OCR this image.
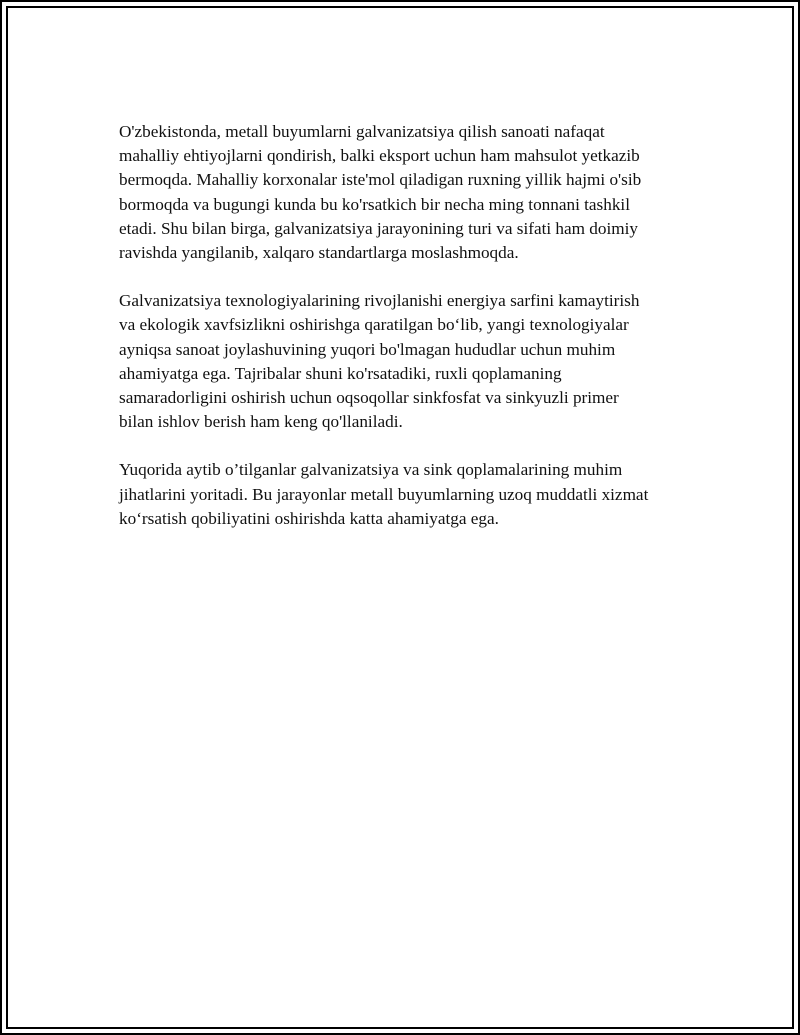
O'zbekistonda, metall buyumlarni galvanizatsiya qilish sanoati nafaqat
mahalliy ehtiyojlarni qondirish, balki eksport uchun ham mahsulot yetkazib
bermoqda. Mahalliy korxonalar iste'mol qiladigan ruxning yillik hajmi o'sib
bormoqda va bugungi kunda bu ko'rsatkich bir necha ming tonnani tashkil
etadi. Shu bilan birga, galvanizatsiya jarayonining turi va sifati ham doimiy
ravishda yangilanib, xalqaro standartlarga moslashmoqda.

Galvanizatsiya texnologiyalarining rivojlanishi energiya sarfini kamaytirish
va ekologik xavfsizlikni oshirishga qaratilgan bo‘lib, yangi texnologiyalar
ayniqsa sanoat joylashuvining yuqori bo'lmagan hududlar uchun muhim
ahamiyatga ega. Tajribalar shuni ko'rsatadiki, ruxli qoplamaning
samaradorligini oshirish uchun oqsoqollar sinkfosfat va sinkyuzli primer
bilan ishlov berish ham keng qo'llaniladi.

Yuqorida aytib o’tilganlar galvanizatsiya va sink qoplamalarining muhim
jihatlarini yoritadi. Bu jarayonlar metall buyumlarning uzoq muddatli xizmat
ko‘rsatish qobiliyatini oshirishda katta ahamiyatga ega.
